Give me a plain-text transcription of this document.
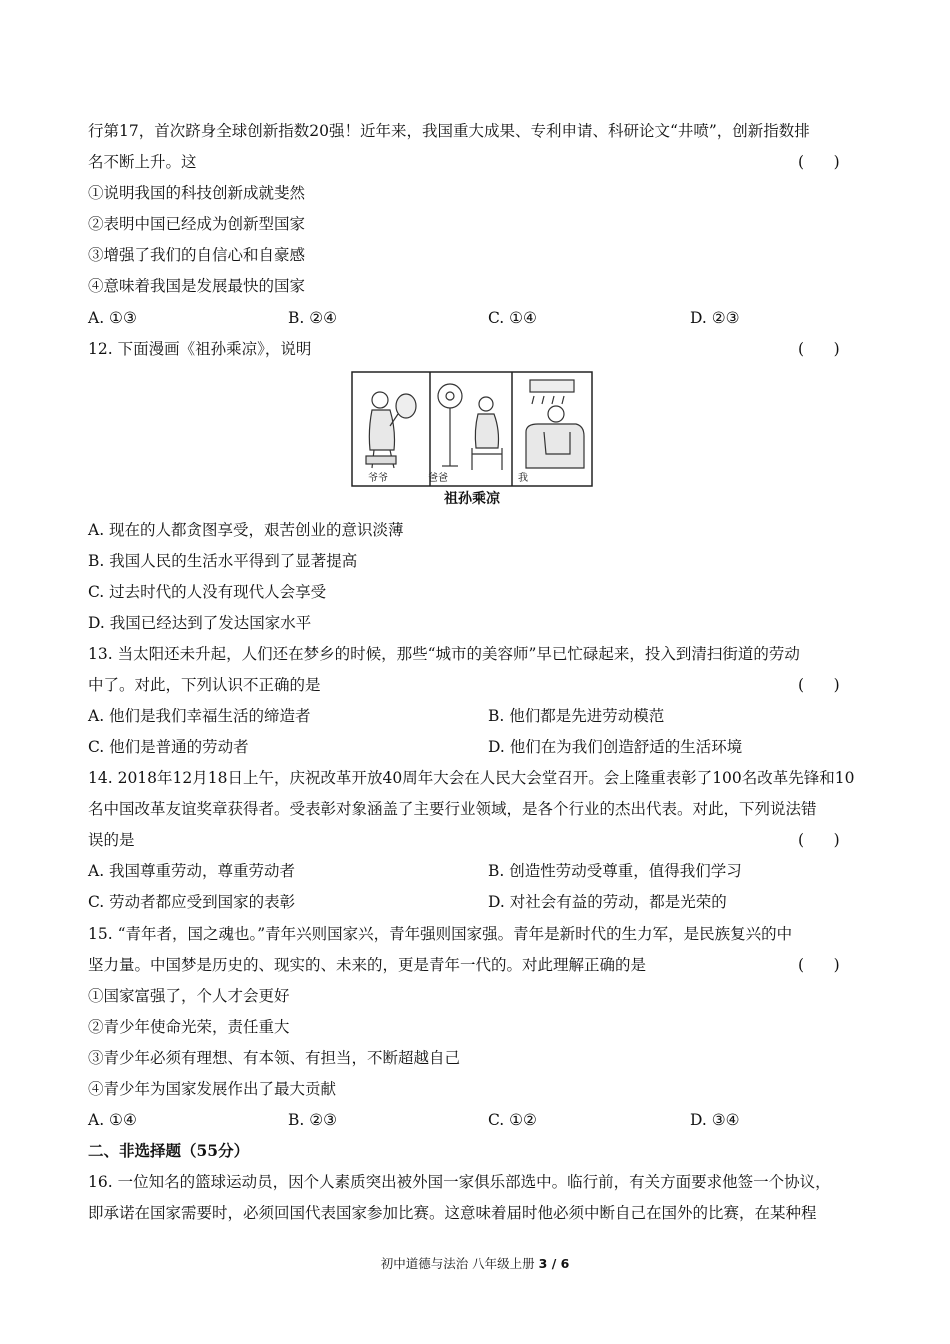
行第17，首次跻身全球创新指数20强！近年来，我国重大成果、专利申请、科研论文“井喷”，创新指数排
名不断上升。这	(      )
①说明我国的科技创新成就斐然
②表明中国已经成为创新型国家
③增强了我们的自信心和自豪感
④意味着我国是发展最快的国家
A. ①③	B. ②④	C. ①④	D. ②③
12. 下面漫画《祖孙乘凉》，说明	(      )
爷爷	爸爸	我
祖孙乘凉
A. 现在的人都贪图享受，艰苦创业的意识淡薄
B. 我国人民的生活水平得到了显著提高
C. 过去时代的人没有现代人会享受
D. 我国已经达到了发达国家水平
13. 当太阳还未升起，人们还在梦乡的时候，那些“城市的美容师”早已忙碌起来，投入到清扫街道的劳动
中了。对此，下列认识不正确的是	(      )
A. 他们是我们幸福生活的缔造者	B. 他们都是先进劳动模范
C. 他们是普通的劳动者	D. 他们在为我们创造舒适的生活环境
14. 2018年12月18日上午，庆祝改革开放40周年大会在人民大会堂召开。会上隆重表彰了100名改革先锋和10
名中国改革友谊奖章获得者。受表彰对象涵盖了主要行业领域，是各个行业的杰出代表。对此，下列说法错
误的是	(      )
A. 我国尊重劳动，尊重劳动者	B. 创造性劳动受尊重，值得我们学习
C. 劳动者都应受到国家的表彰	D. 对社会有益的劳动，都是光荣的
15. “青年者，国之魂也。”青年兴则国家兴，青年强则国家强。青年是新时代的生力军，是民族复兴的中
坚力量。中国梦是历史的、现实的、未来的，更是青年一代的。对此理解正确的是	(      )
①国家富强了，个人才会更好
②青少年使命光荣，责任重大
③青少年必须有理想、有本领、有担当，不断超越自己
④青少年为国家发展作出了最大贡献
A. ①④	B. ②③	C. ①②	D. ③④
二、非选择题（55分）
16. 一位知名的篮球运动员，因个人素质突出被外国一家俱乐部选中。临行前，有关方面要求他签一个协议，
即承诺在国家需要时，必须回国代表国家参加比赛。这意味着届时他必须中断自己在国外的比赛，在某种程
初中道德与法治 八年级上册 3 / 6
